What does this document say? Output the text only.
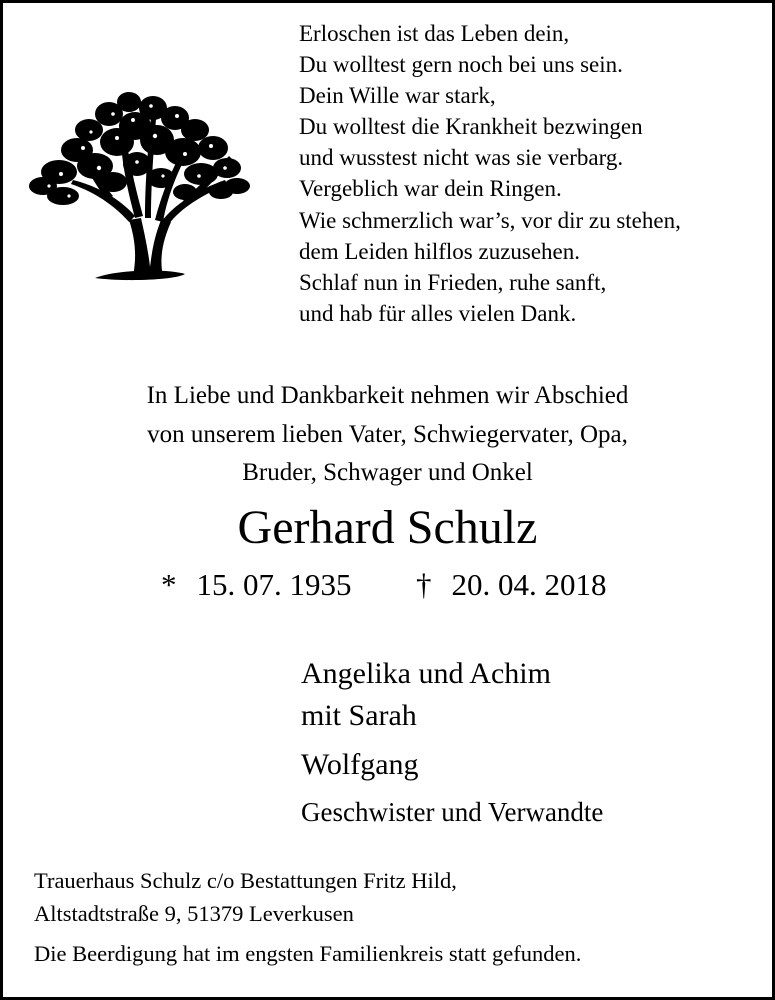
Erloschen ist das Leben dein,
Du wolltest gern noch bei uns sein.
Dein Wille war stark,
Du wolltest die Krankheit bezwingen
und wusstest nicht was sie verbarg.
Vergeblich war dein Ringen.
Wie schmerzlich war’s, vor dir zu stehen,
dem Leiden hilflos zuzusehen.
Schlaf nun in Frieden, ruhe sanft,
und hab für alles vielen Dank.
In Liebe und Dankbarkeit nehmen wir Abschied
von unserem lieben Vater, Schwiegervater, Opa,
Bruder, Schwager und Onkel
Gerhard Schulz
* 15. 07. 1935 † 20. 04. 2018
Angelika und Achim
mit Sarah
Wolfgang
Geschwister und Verwandte
Trauerhaus Schulz c/o Bestattungen Fritz Hild,
Altstadtstraße 9, 51379 Leverkusen
Die Beerdigung hat im engsten Familienkreis statt gefunden.
